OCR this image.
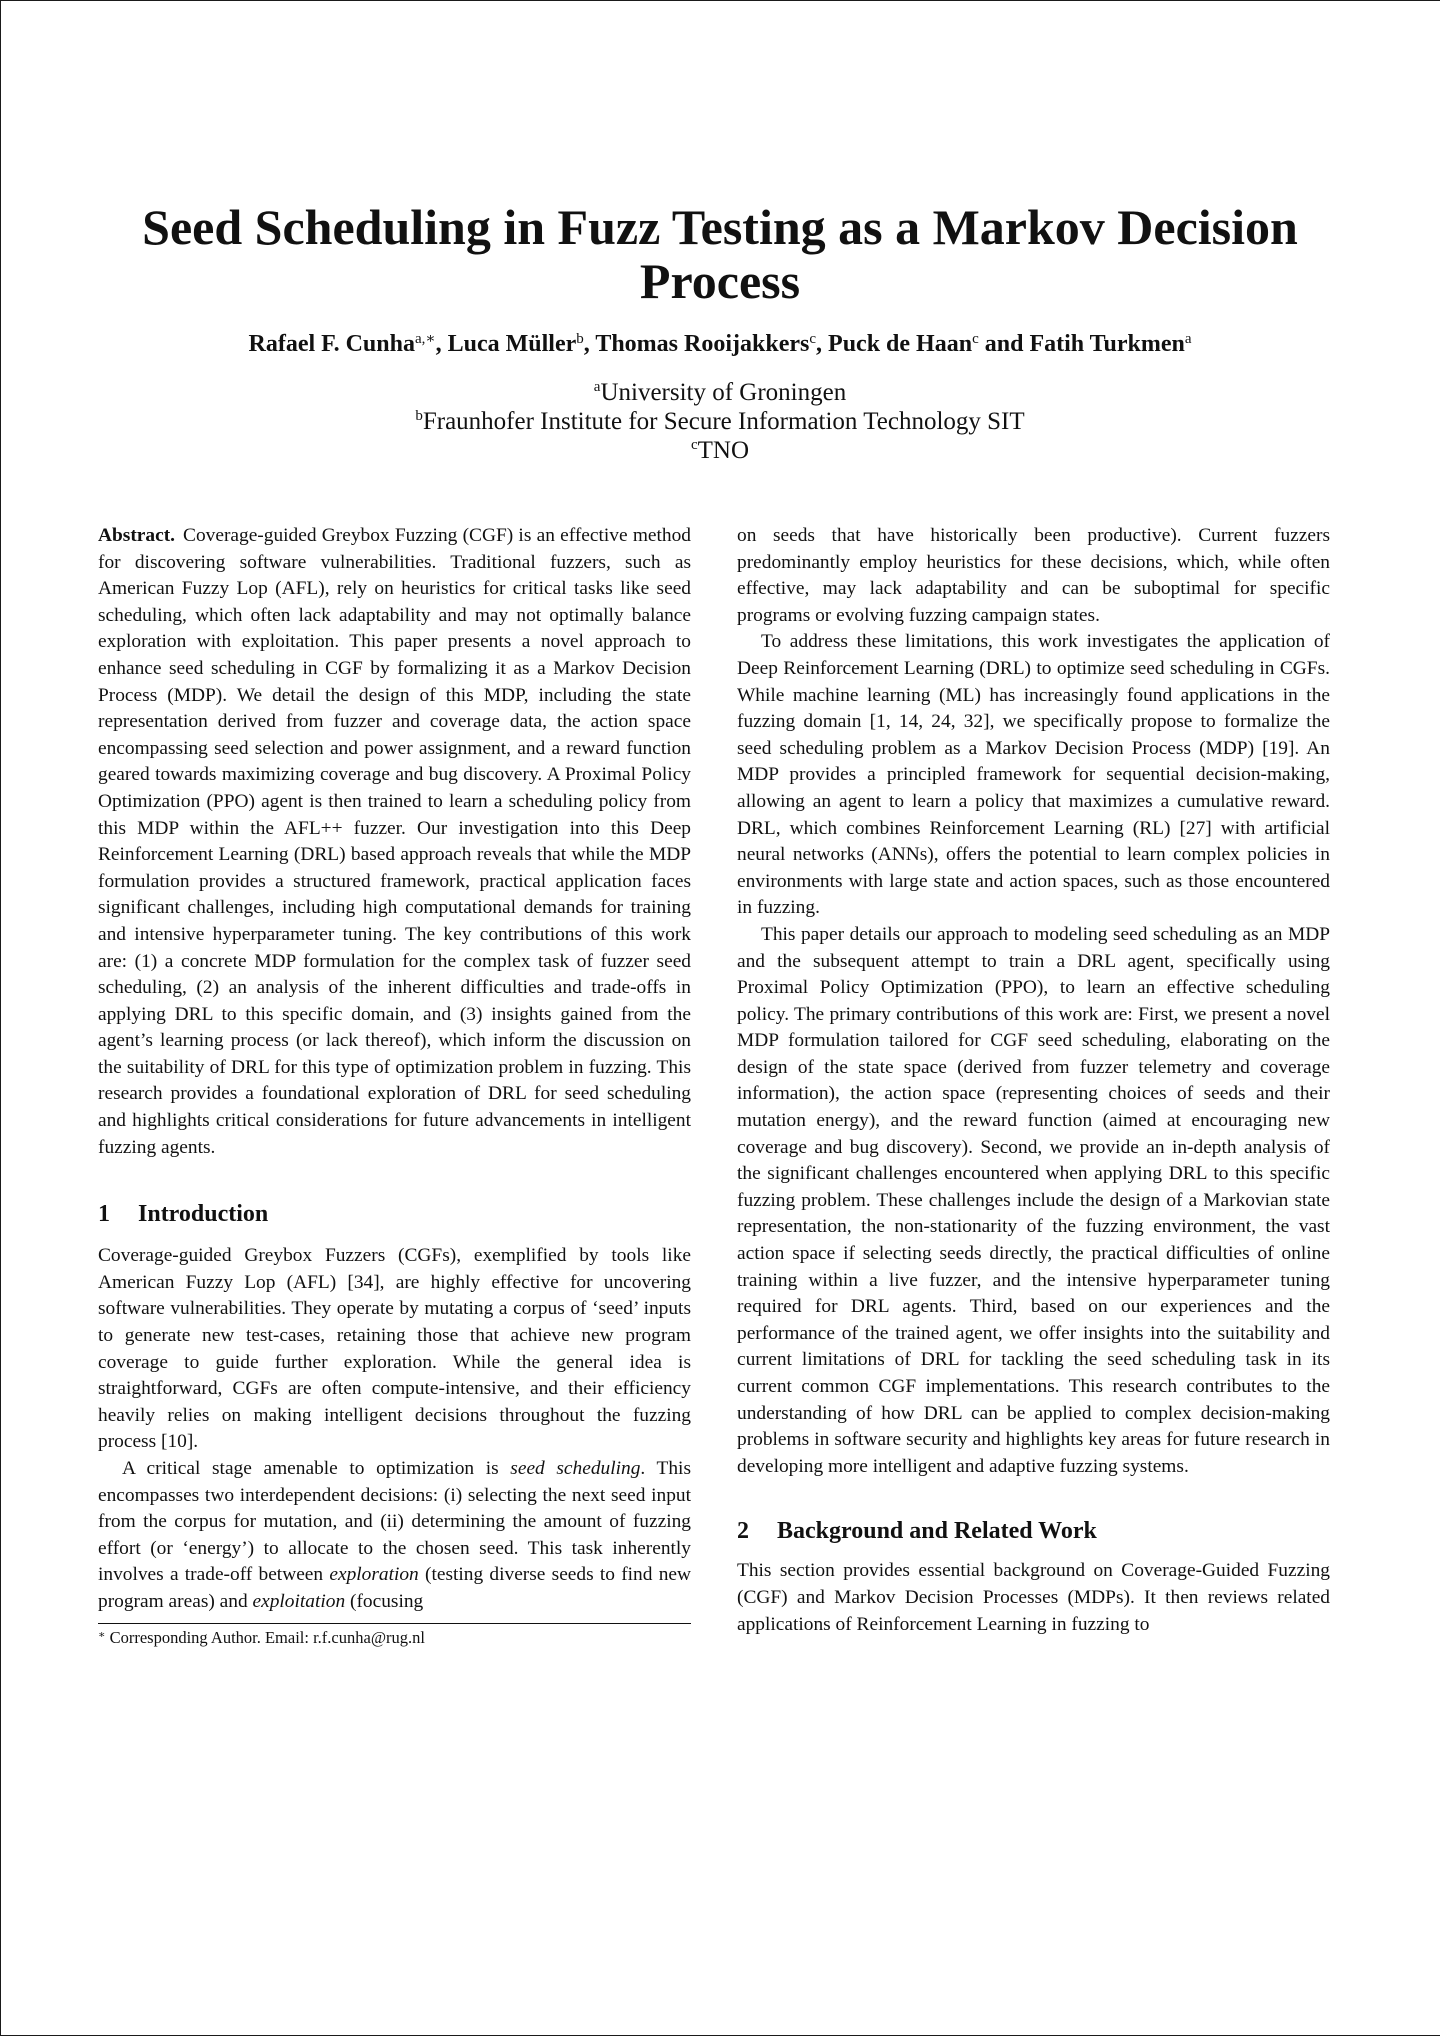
Seed Scheduling in Fuzz Testing as a Markov Decision Process
Rafael F. Cunha$^{a,∗}$, Luca Müller$^b$, Thomas Rooijakkers$^c$, Puck de Haan$^c$ and Fatih Turkmen$^a$
$^a$University of Groningen
$^b$Fraunhofer Institute for Secure Information Technology SIT
$^c$TNO

Abstract. Coverage-guided Greybox Fuzzing (CGF) is an effective method for discovering software vulnerabilities. Traditional fuzzers, such as American Fuzzy Lop (AFL), rely on heuristics for critical tasks like seed scheduling, which often lack adaptability and may not optimally balance exploration with exploitation. This paper presents a novel approach to enhance seed scheduling in CGF by formalizing it as a Markov Decision Process (MDP). We detail the design of this MDP, including the state representation derived from fuzzer and coverage data, the action space encompassing seed selection and power assignment, and a reward function geared towards maximizing coverage and bug discovery. A Proximal Policy Optimization (PPO) agent is then trained to learn a scheduling policy from this MDP within the AFL++ fuzzer. Our investigation into this Deep Reinforcement Learning (DRL) based approach reveals that while the MDP formulation provides a structured framework, practical application faces significant challenges, including high computational demands for training and intensive hyperparameter tuning. The key contributions of this work are: (1) a concrete MDP formulation for the complex task of fuzzer seed scheduling, (2) an analysis of the inherent difficulties and trade-offs in applying DRL to this specific domain, and (3) insights gained from the agent’s learning process (or lack thereof), which inform the discussion on the suitability of DRL for this type of optimization problem in fuzzing. This research provides a foundational exploration of DRL for seed scheduling and highlights critical considerations for future advancements in intelligent fuzzing agents.

1 Introduction

Coverage-guided Greybox Fuzzers (CGFs), exemplified by tools like American Fuzzy Lop (AFL) [34], are highly effective for uncovering software vulnerabilities. They operate by mutating a corpus of ‘seed’ inputs to generate new test-cases, retaining those that achieve new program coverage to guide further exploration. While the general idea is straightforward, CGFs are often compute-intensive, and their efficiency heavily relies on making intelligent decisions throughout the fuzzing process [10].

A critical stage amenable to optimization is seed scheduling. This encompasses two interdependent decisions: (i) selecting the next seed input from the corpus for mutation, and (ii) determining the amount of fuzzing effort (or ‘energy’) to allocate to the chosen seed. This task inherently involves a trade-off between exploration (testing diverse seeds to find new program areas) and exploitation (focusing

∗ Corresponding Author. Email: r.f.cunha@rug.nl

on seeds that have historically been productive). Current fuzzers predominantly employ heuristics for these decisions, which, while often effective, may lack adaptability and can be suboptimal for specific programs or evolving fuzzing campaign states.

To address these limitations, this work investigates the application of Deep Reinforcement Learning (DRL) to optimize seed scheduling in CGFs. While machine learning (ML) has increasingly found applications in the fuzzing domain [1, 14, 24, 32], we specifically propose to formalize the seed scheduling problem as a Markov Decision Process (MDP) [19]. An MDP provides a principled framework for sequential decision-making, allowing an agent to learn a policy that maximizes a cumulative reward. DRL, which combines Reinforcement Learning (RL) [27] with artificial neural networks (ANNs), offers the potential to learn complex policies in environments with large state and action spaces, such as those encountered in fuzzing.

This paper details our approach to modeling seed scheduling as an MDP and the subsequent attempt to train a DRL agent, specifically using Proximal Policy Optimization (PPO), to learn an effective scheduling policy. The primary contributions of this work are: First, we present a novel MDP formulation tailored for CGF seed scheduling, elaborating on the design of the state space (derived from fuzzer telemetry and coverage information), the action space (representing choices of seeds and their mutation energy), and the reward function (aimed at encouraging new coverage and bug discovery). Second, we provide an in-depth analysis of the significant challenges encountered when applying DRL to this specific fuzzing problem. These challenges include the design of a Markovian state representation, the non-stationarity of the fuzzing environment, the vast action space if selecting seeds directly, the practical difficulties of online training within a live fuzzer, and the intensive hyperparameter tuning required for DRL agents. Third, based on our experiences and the performance of the trained agent, we offer insights into the suitability and current limitations of DRL for tackling the seed scheduling task in its current common CGF implementations. This research contributes to the understanding of how DRL can be applied to complex decision-making problems in software security and highlights key areas for future research in developing more intelligent and adaptive fuzzing systems.

2 Background and Related Work

This section provides essential background on Coverage-Guided Fuzzing (CGF) and Markov Decision Processes (MDPs). It then reviews related applications of Reinforcement Learning in fuzzing to
